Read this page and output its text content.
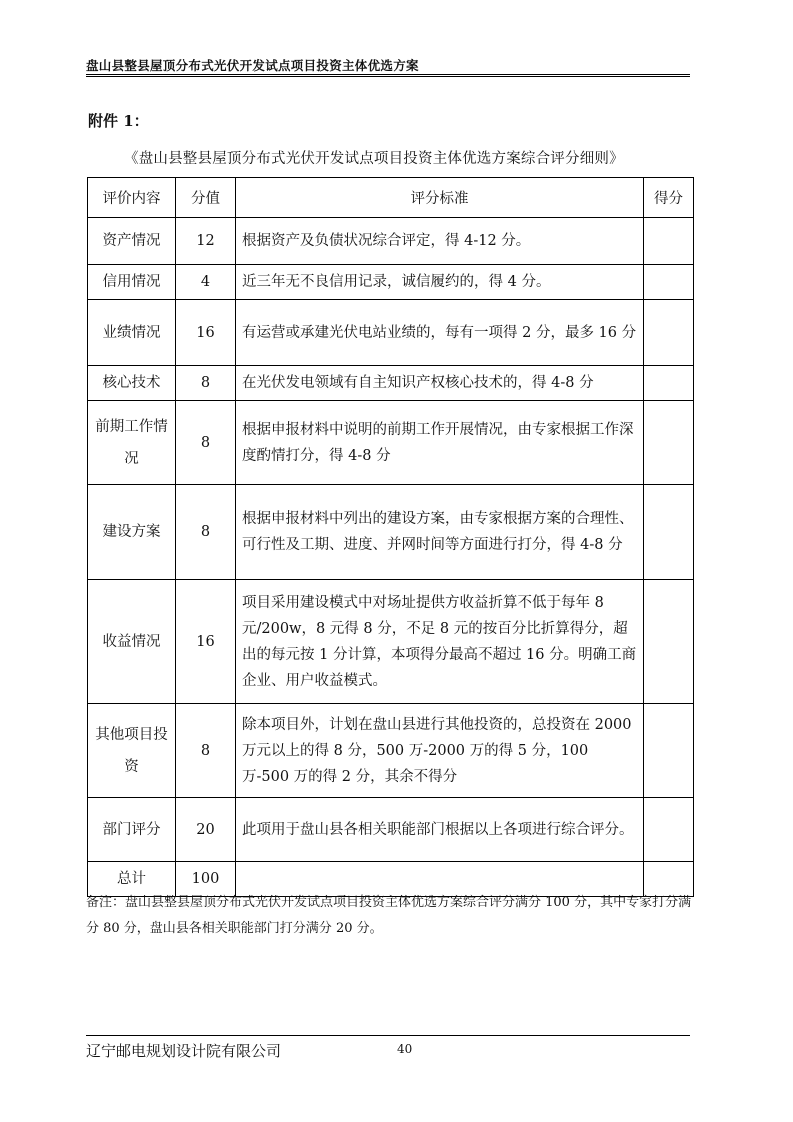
盘山县整县屋顶分布式光伏开发试点项目投资主体优选方案
附件 1：
《盘山县整县屋顶分布式光伏开发试点项目投资主体优选方案综合评分细则》
评价内容	分值	评分标准	得分
资产情况	12	根据资产及负债状况综合评定，得 4-12 分。	
信用情况	4	近三年无不良信用记录，诚信履约的，得 4 分。	
业绩情况	16	有运营或承建光伏电站业绩的，每有一项得 2 分，最多 16 分	
核心技术	8	在光伏发电领域有自主知识产权核心技术的，得 4-8 分	
前期工作情况	8	根据申报材料中说明的前期工作开展情况，由专家根据工作深度酌情打分，得 4-8 分	
建设方案	8	根据申报材料中列出的建设方案，由专家根据方案的合理性、可行性及工期、进度、并网时间等方面进行打分，得 4-8 分	
收益情况	16	项目采用建设模式中对场址提供方收益折算不低于每年 8 元/200w，8 元得 8 分，不足 8 元的按百分比折算得分，超出的每元按 1 分计算，本项得分最高不超过 16 分。明确工商企业、用户收益模式。	
其他项目投资	8	除本项目外，计划在盘山县进行其他投资的，总投资在 2000 万元以上的得 8 分，500 万-2000 万的得 5 分，100 万-500 万的得 2 分，其余不得分	
部门评分	20	此项用于盘山县各相关职能部门根据以上各项进行综合评分。	
总计	100		
备注：盘山县整县屋顶分布式光伏开发试点项目投资主体优选方案综合评分满分 100 分，其中专家打分满分 80 分，盘山县各相关职能部门打分满分 20 分。
辽宁邮电规划设计院有限公司	40
